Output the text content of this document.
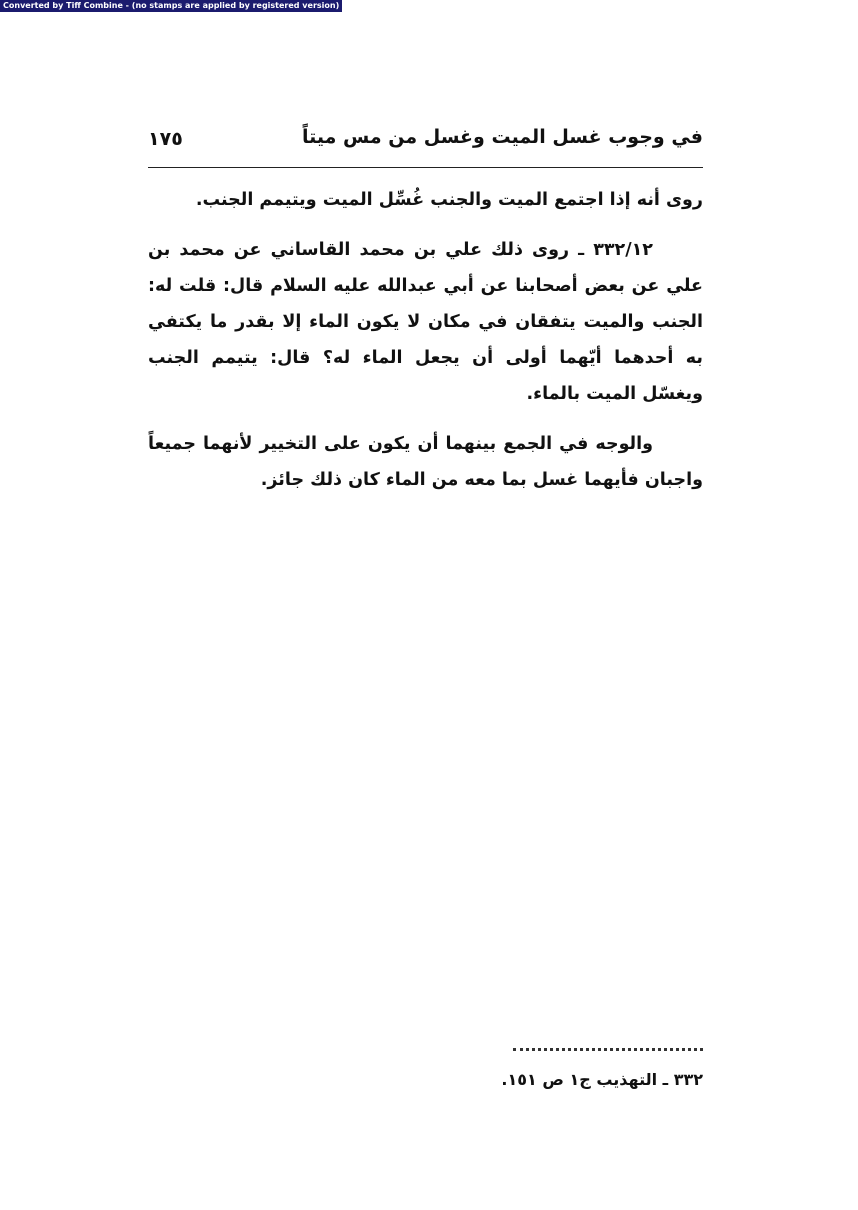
Converted by Tiff Combine - (no stamps are applied by registered version)
في وجوب غسل الميت وغسل من مس ميتاً
١٧٥

روى أنه إذا اجتمع الميت والجنب غُسِّل الميت ويتيمم الجنب.

٣٣٢/١٢ ـ روى ذلك علي بن محمد القاساني عن محمد بن علي عن بعض أصحابنا عن أبي عبدالله عليه السلام قال: قلت له: الجنب والميت يتفقان في مكان لا يكون الماء إلا بقدر ما يكتفي به أحدهما أيّهما أولى أن يجعل الماء له؟ قال: يتيمم الجنب ويغسّل الميت بالماء.

والوجه في الجمع بينهما أن يكون على التخيير لأنهما جميعاً واجبان فأيهما غسل بما معه من الماء كان ذلك جائز.

٣٣٢ ـ التهذيب ج١ ص ١٥١.
